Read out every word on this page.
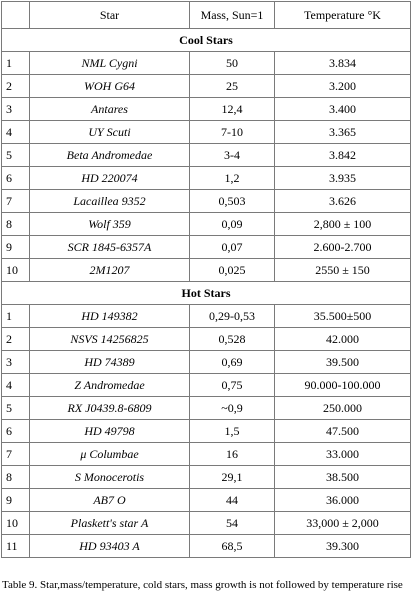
	Star	Mass, Sun=1	Temperature °K
Cool Stars			
1	NML Cygni	50	3.834
2	WOH G64	25	3.200
3	Antares	12,4	3.400
4	UY Scuti	7-10	3.365
5	Beta Andromedae	3-4	3.842
6	HD 220074	1,2	3.935
7	Lacaillea 9352	0,503	3.626
8	Wolf 359	0,09	2,800 ± 100
9	SCR 1845-6357A	0,07	2.600-2.700
10	2M1207	0,025	2550 ± 150
Hot Stars			
1	HD 149382	0,29-0,53	35.500±500
2	NSVS 14256825	0,528	42.000
3	HD 74389	0,69	39.500
4	Z Andromedae	0,75	90.000-100.000
5	RX J0439.8-6809	~0,9	250.000
6	HD 49798	1,5	47.500
7	μ Columbae	16	33.000
8	S Monocerotis	29,1	38.500
9	AB7 O	44	36.000
10	Plaskett's star A	54	33,000 ± 2,000
11	HD 93403 A	68,5	39.300
Table 9. Star,mass/temperature, cold stars, mass growth is not followed by temperature rise
